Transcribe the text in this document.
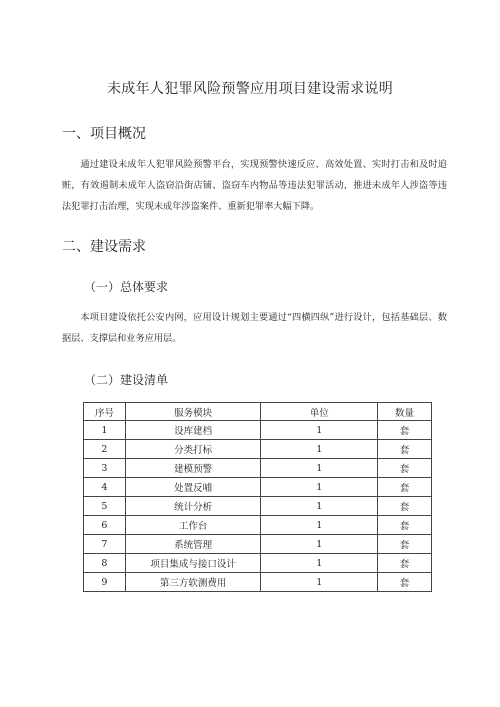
未成年人犯罪风险预警应用项目建设需求说明
一、项目概况
通过建设未成年人犯罪风险预警平台，实现预警快速反应、高效处置、实时打击和及时追赃，有效遏制未成年人盗窃沿街店铺、盗窃车内物品等违法犯罪活动，推进未成年人涉盗等违法犯罪打击治理，实现未成年涉盗案件、重新犯罪率大幅下降。
二、建设需求
（一）总体要求
本项目建设依托公安内网，应用设计规划主要通过“四横四纵”进行设计，包括基础层、数据层、支撑层和业务应用层。
（二）建设清单
序号	服务模块	单位	数量
1	设库建档	1	套
2	分类打标	1	套
3	建模预警	1	套
4	处置反哺	1	套
5	统计分析	1	套
6	工作台	1	套
7	系统管理	1	套
8	项目集成与接口设计	1	套
9	第三方软测费用	1	套
